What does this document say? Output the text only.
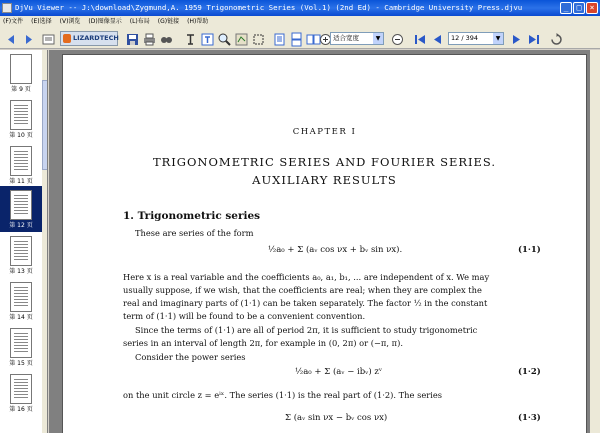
DjVu Viewer -- J:\download\Zygmund,A. 1959 Trigonometric Series (Vol.1) (2nd Ed) - Cambridge University Press.djvu	_	□	×
(F)文件 (E)选择 (V)浏览 (D)图像显示 (L)布局 (G)链接 (H)帮助
LIZARDTECH	适合宽度	▼	12 / 394	▼
第 9 页
第 10 页
第 11 页
第 12 页
第 13 页
第 14 页
第 15 页
第 16 页
CHAPTER I
TRIGONOMETRIC SERIES AND FOURIER SERIES.
AUXILIARY RESULTS
1. Trigonometric series
These are series of the form
½a₀ + Σ (aᵥ cos νx + bᵥ sin νx).	(1·1)
Here x is a real variable and the coefficients a₀, a₁, b₁, ... are independent of x. We may
usually suppose, if we wish, that the coefficients are real; when they are complex the
real and imaginary parts of (1·1) can be taken separately. The factor ½ in the constant
term of (1·1) will be found to be a convenient convention.
Since the terms of (1·1) are all of period 2π, it is sufficient to study trigonometric
series in an interval of length 2π, for example in (0, 2π) or (−π, π).
Consider the power series
½a₀ + Σ (aᵥ − ibᵥ) zᵛ	(1·2)
on the unit circle z = eⁱˣ. The series (1·1) is the real part of (1·2). The series
Σ (aᵥ sin νx − bᵥ cos νx)	(1·3)
